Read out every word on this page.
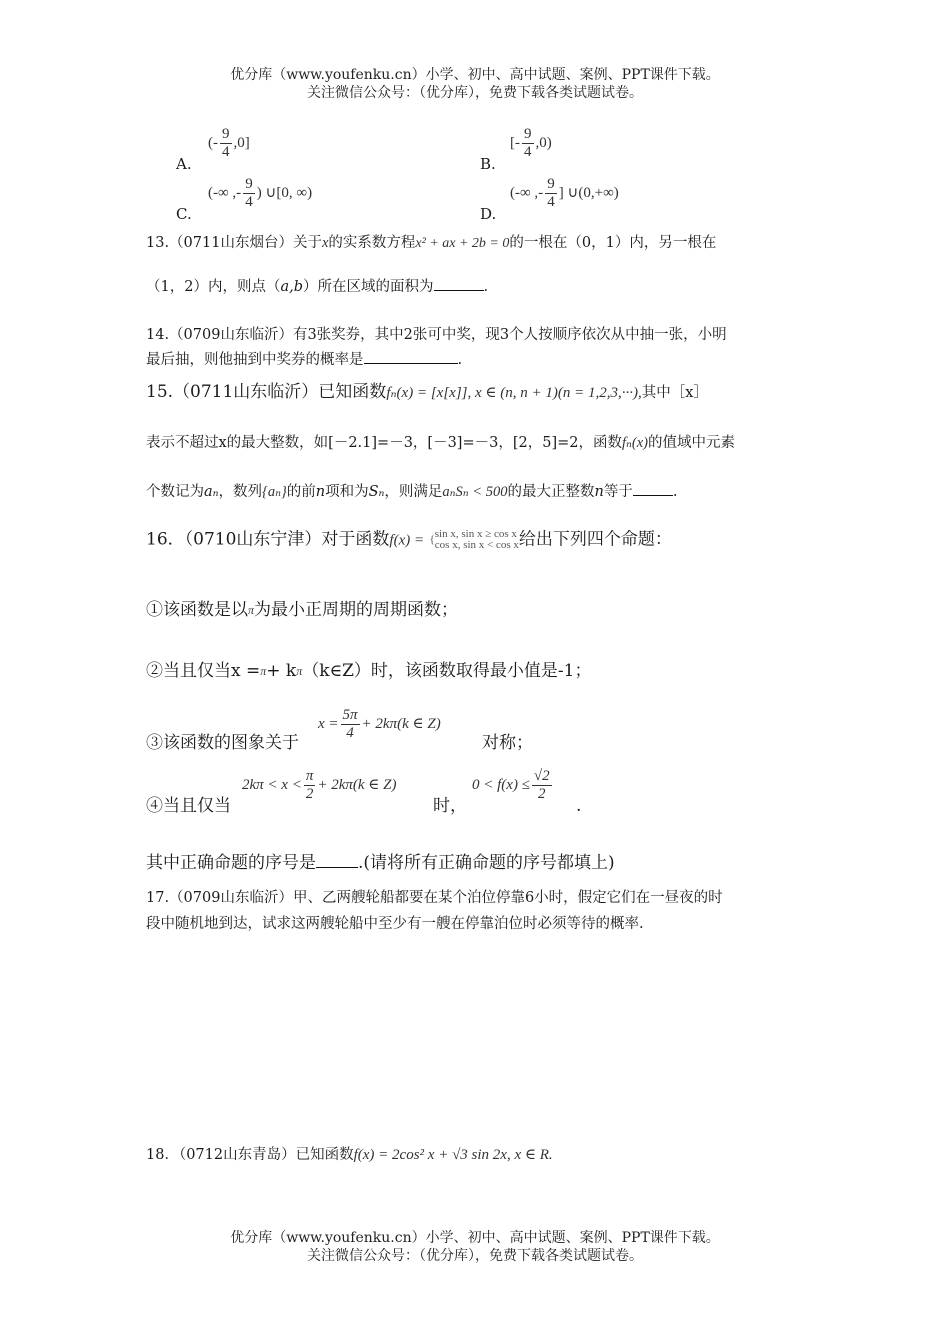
优分库（www.youfenku.cn）小学、初中、高中试题、案例、PPT课件下载。
关注微信公众号：（优分库），免费下载各类试题试卷。
A.
(- $\frac{9}{4} ,0$]
B.
[- $\frac{9}{4} ,0$)
C.
(-∞ ,- $\frac{9}{4}$ ) ∪[0, ∞)
D.
(-∞ ,- $\frac{9}{4}$ ] ∪(0,+∞)
13.（0711山东烟台）关于x的实系数方程x² + ax + 2b = 0的一根在（0，1）内，另一根在
（1，2）内，则点（a,b）所在区域的面积为	.
14.（0709山东临沂）有3张奖券，其中2张可中奖，现3个人按顺序依次从中抽一张，小明
最后抽，则他抽到中奖券的概率是	.
15.（0711山东临沂）已知函数fₙ(x) = [x[x]], x ∈ (n, n + 1)(n = 1,2,3,···),其中［x］
表示不超过x的最大整数，如[－2.1]=－3，[－3]=－3，[2，5]=2，函数fₙ(x)的值域中元素
个数记为aₙ，数列{aₙ}的前n项和为Sₙ，则满足aₙSₙ < 500的最大正整数n等于	.
16．（0710山东宁津）对于函数f(x) = { sin x, sin x ≥ cos x
cos x, sin x < cos x 给出下列四个命题：
①该函数是以$^\pi$为最小正周期的周期函数；
②当且仅当$x =^\pi+ k^\pi(k\in Z)$时，该函数取得最小值是-1；
③该函数的图象关于
$x = \frac{5\pi}{4} + 2k\pi(k$ ∈ Z)
对称；
④当且仅当
$2k\pi < x < \frac{\pi}{2} + 2k\pi(k$ ∈ Z)
时，
$0 < f(x) \le \frac{√2}{2}$
.
其中正确命题的序号是 .(请将所有正确命题的序号都填上)
17.（0709山东临沂）甲、乙两艘轮船都要在某个泊位停靠6小时，假定它们在一昼夜的时
段中随机地到达，试求这两艘轮船中至少有一艘在停靠泊位时必须等待的概率.
18．（0712山东青岛）已知函数f(x) = 2cos² x + √3 sin 2x, x ∈ R.
优分库（www.youfenku.cn）小学、初中、高中试题、案例、PPT课件下载。
关注微信公众号：（优分库），免费下载各类试题试卷。
